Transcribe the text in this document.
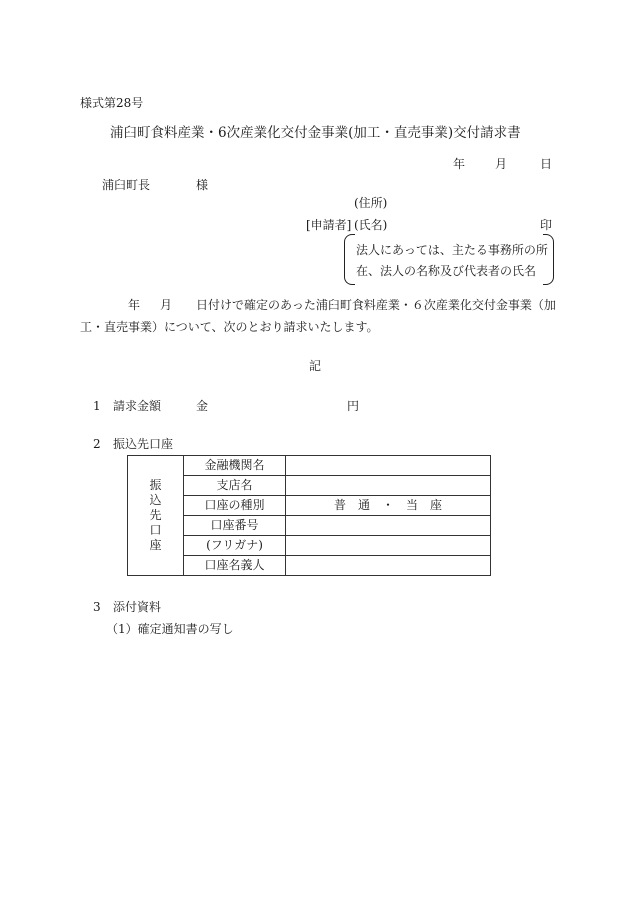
様式第28号
浦臼町食料産業・6次産業化交付金事業(加工・直売事業)交付請求書
年 月	日
浦臼町長	様
(住所)
[申請者] (氏名)	印
法人にあっては、主たる事務所の所
在、法人の名称及び代表者の氏名
年 月 日付けで確定のあった浦臼町食料産業・６次産業化交付金事業（加
工・直売事業）について、次のとおり請求いたします。
記
1 請求金額	金	円
2 振込先口座
振込先口座	金融機関名	
	支店名	
	口座の種別	普　通　・　当　座
	口座番号	
	(フリガナ)	
	口座名義人	
3 添付資料
（1）確定通知書の写し
